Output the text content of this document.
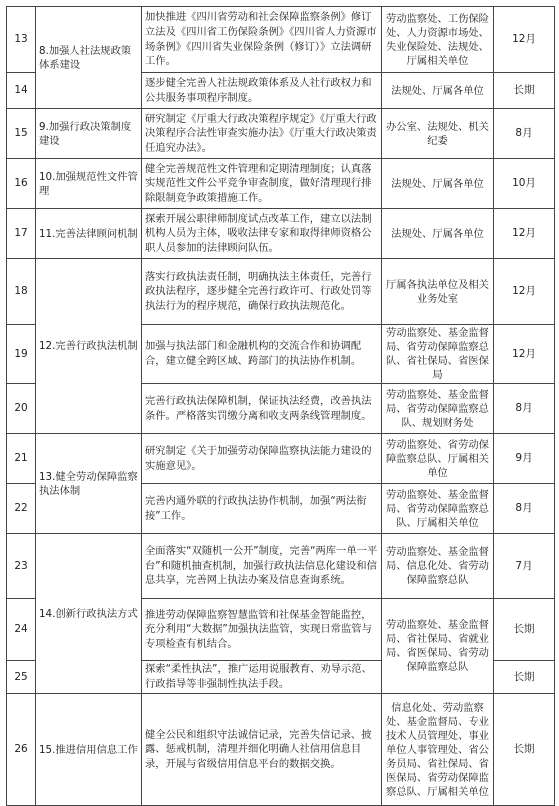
13	8.加强人社法规政策体系建设	加快推进《四川省劳动和社会保障监察条例》修订立法及《四川省工伤保险条例》《四川省人力资源市场条例》《四川省失业保险条例（修订）》立法调研工作。	劳动监察处、工伤保险处、人力资源市场处、失业保险处、法规处、厅属相关单位	12月
14		逐步健全完善人社法规政策体系及人社行政权力和公共服务事项程序制度。	法规处、厅属各单位	长期
15	9.加强行政决策制度建设	研究制定《厅重大行政决策程序规定》《厅重大行政决策程序合法性审查实施办法》《厅重大行政决策责任追究办法》。	办公室、法规处、机关纪委	8月
16	10.加强规范性文件管理	健全完善规范性文件管理和定期清理制度；认真落实规范性文件公平竞争审查制度，做好清理现行排除限制竞争政策措施工作。	法规处、厅属各单位	10月
17	11.完善法律顾问机制	探索开展公职律师制度试点改革工作，建立以法制机构人员为主体，吸收法律专家和取得律师资格公职人员参加的法律顾问队伍。	法规处、厅属各单位	12月
18	12.完善行政执法机制	落实行政执法责任制，明确执法主体责任，完善行政执法程序，逐步健全完善行政许可、行政处罚等执法行为的程序规范，确保行政执法规范化。	厅属各执法单位及相关业务处室	12月
19		加强与执法部门和金融机构的交流合作和协调配合，建立健全跨区域、跨部门的执法协作机制。	劳动监察处、基金监督局、省劳动保障监察总队、省社保局、省医保局	12月
20		完善行政执法保障机制，保证执法经费，改善执法条件。严格落实罚缴分离和收支两条线管理制度。	劳动监察处、基金监督局、省劳动保障监察总队、规划财务处	8月
21	13.健全劳动保障监察执法体制	研究制定《关于加强劳动保障监察执法能力建设的实施意见》。	劳动监察处、省劳动保障监察总队、厅属相关单位	9月
22		完善内通外联的行政执法协作机制，加强“两法衔接”工作。	劳动监察处、基金监督局、省劳动保障监察总队、厅属相关单位	8月
23	14.创新行政执法方式	全面落实“双随机一公开”制度，完善“两库一单一平台”和随机抽查机制，加强行政执法信息化建设和信息共享，完善网上执法办案及信息查询系统。	劳动监察处、基金监督局、信息化处、省劳动保障监察总队	7月
24		推进劳动保障监察智慧监管和社保基金智能监控，充分利用“大数据”加强执法监管，实现日常监管与专项检查有机结合。	劳动监察处、基金监督局、省社保局、省就业局、省医保局、省劳动保障监察总队	长期
25		探索“柔性执法”，推广运用说服教育、劝导示范、行政指导等非强制性执法手段。		长期
26	15.推进信用信息工作	健全公民和组织守法诚信记录，完善失信记录、披露、惩戒机制，清理并细化明确人社信用信息目录，开展与省级信用信息平台的数据交换。	信息化处、劳动监察处、基金监督局、专业技术人员管理处、事业单位人事管理处、省公务员局、省社保局、省医保局、省劳动保障监察总队、厅属相关单位	长期
